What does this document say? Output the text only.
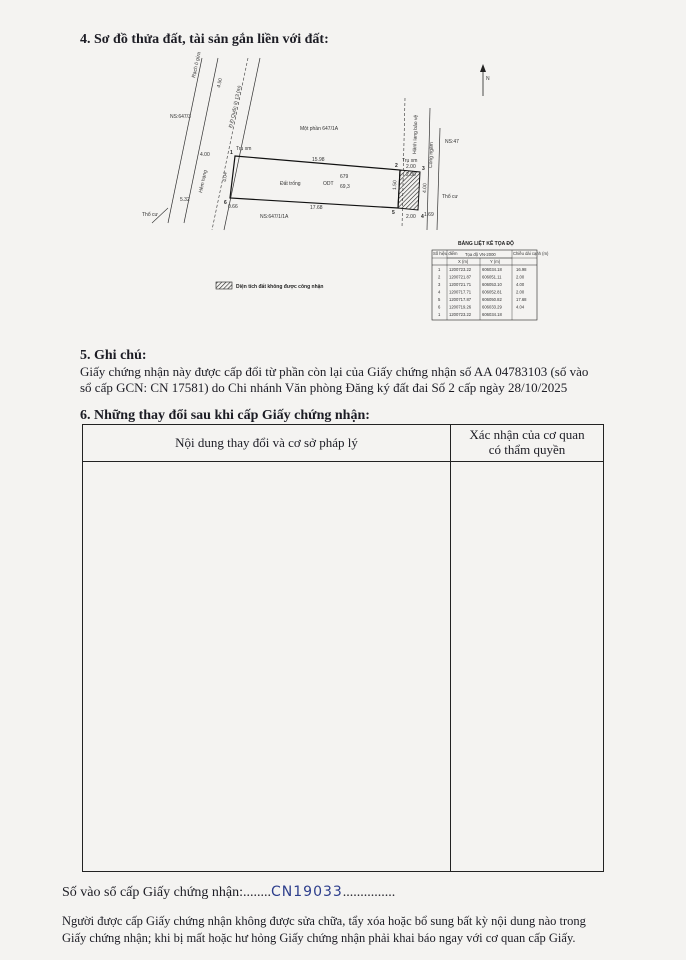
4. Sơ đồ thửa đất, tài sản gắn liền với đất:
N
NS:647/3
Rạch ô gừa
Đ.Đ Quốc lộ 13 (m)
Hẻm hạng
Một phần 647/1A
NS:47
NS:647/1/1A
Đất trống	ODT
679
69,3
Trụ xm
Trụ xm Cống ngầm
Hành lang bảo vệ
Thổ cư
Thổ cư
4.50
15.98
17.68
4.00
4.04
4.00
2.00
2.00
1.50
1.69
2.00
5.32
0.66
1
2	3
4
5
6
Diện tích đất không được công nhận
BẢNG LIỆT KÊ TỌA ĐỘ
Số hiệu điểm Tọa độ VN-2000	Chiều dài cạnh (m)
X (m)	Y (m)
1 1200723.22	606034.18	16.98
2 1200721.87	606051.11	2.00
3 1200721.71	606053.10	4.00
4 1200717.71	606052.81	2.00
5 1200717.87	606050.82	17.68
6 1200719.26	606033.29	4.04
1 1200723.22	606034.18
5. Ghi chú:
Giấy chứng nhận này được cấp đổi từ phần còn lại của Giấy chứng nhận số AA 04783103 (số vào
sổ cấp GCN: CN 17581) do Chi nhánh Văn phòng Đăng ký đất đai Số 2 cấp ngày 28/10/2025
6. Những thay đổi sau khi cấp Giấy chứng nhận:
Nội dung thay đổi và cơ sở pháp lý
Xác nhận của cơ quan
có thẩm quyền
Số vào sổ cấp Giấy chứng nhận:........CN19033...............
Người được cấp Giấy chứng nhận không được sửa chữa, tẩy xóa hoặc bổ sung bất kỳ nội dung nào trong
Giấy chứng nhận; khi bị mất hoặc hư hỏng Giấy chứng nhận phải khai báo ngay với cơ quan cấp Giấy.
